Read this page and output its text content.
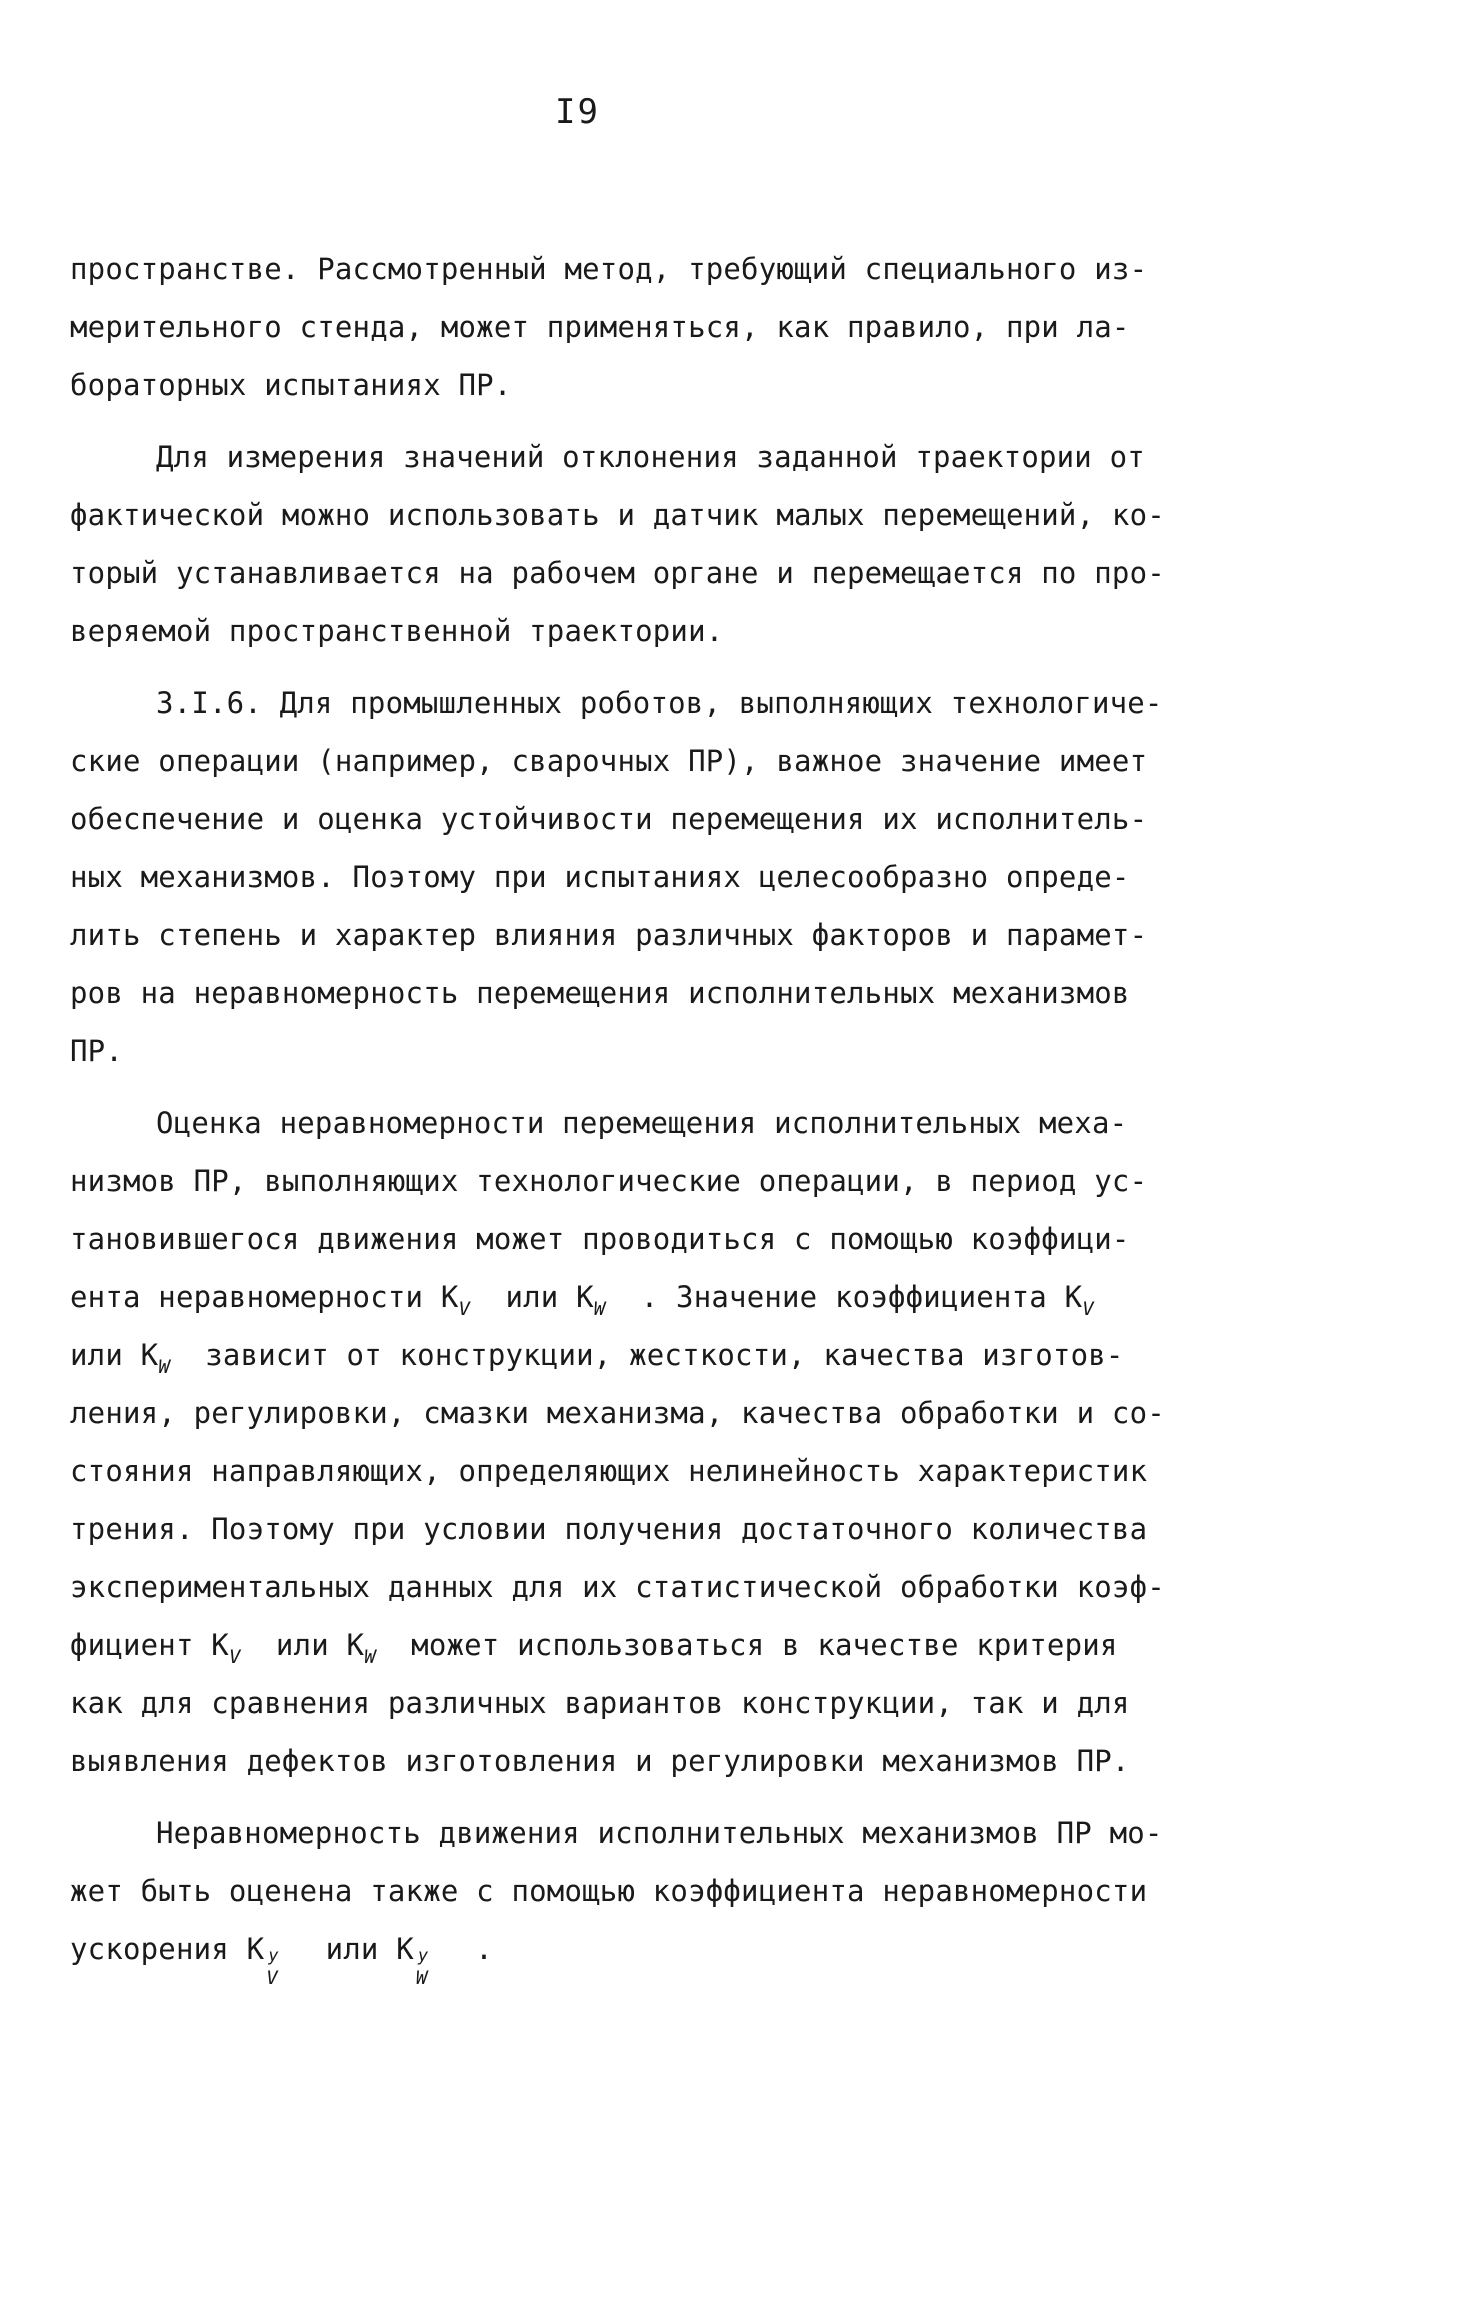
I9
пространстве. Рассмотренный метод, требующий специального из-
мерительного стенда, может применяться, как правило, при ла-
бораторных испытаниях ПР.
Для измерения значений отклонения заданной траектории от
фактической можно использовать и датчик малых перемещений, ко-
торый устанавливается на рабочем органе и перемещается по про-
веряемой пространственной траектории.
3.I.6. Для промышленных роботов, выполняющих технологиче-
ские операции (например, сварочных ПР), важное значение имеет
обеспечение и оценка устойчивости перемещения их исполнитель-
ных механизмов. Поэтому при испытаниях целесообразно опреде-
лить степень и характер влияния различных факторов и парамет-
ров на неравномерность перемещения исполнительных механизмов
ПР.
Оценка неравномерности перемещения исполнительных меха-
низмов ПР, выполняющих технологические операции, в период ус-
тановившегося движения может проводиться с помощью коэффици-
ента неравномерности $К_V$  или $К_W$  . Значение коэффициента $К_V$
или $К_W$  зависит от конструкции, жесткости, качества изготов-
ления, регулировки, смазки механизма, качества обработки и со-
стояния направляющих, определяющих нелинейность характеристик
трения. Поэтому при условии получения достаточного количества
экспериментальных данных для их статистической обработки коэф-
фициент $К_V$  или $К_W$  может использоваться в качестве критерия
как для сравнения различных вариантов конструкции, так и для
выявления дефектов изготовления и регулировки механизмов ПР.
Неравномерность движения исполнительных механизмов ПР мо-
жет быть оценена также с помощью коэффициента неравномерности
ускорения К y
V
или К y
W
.
